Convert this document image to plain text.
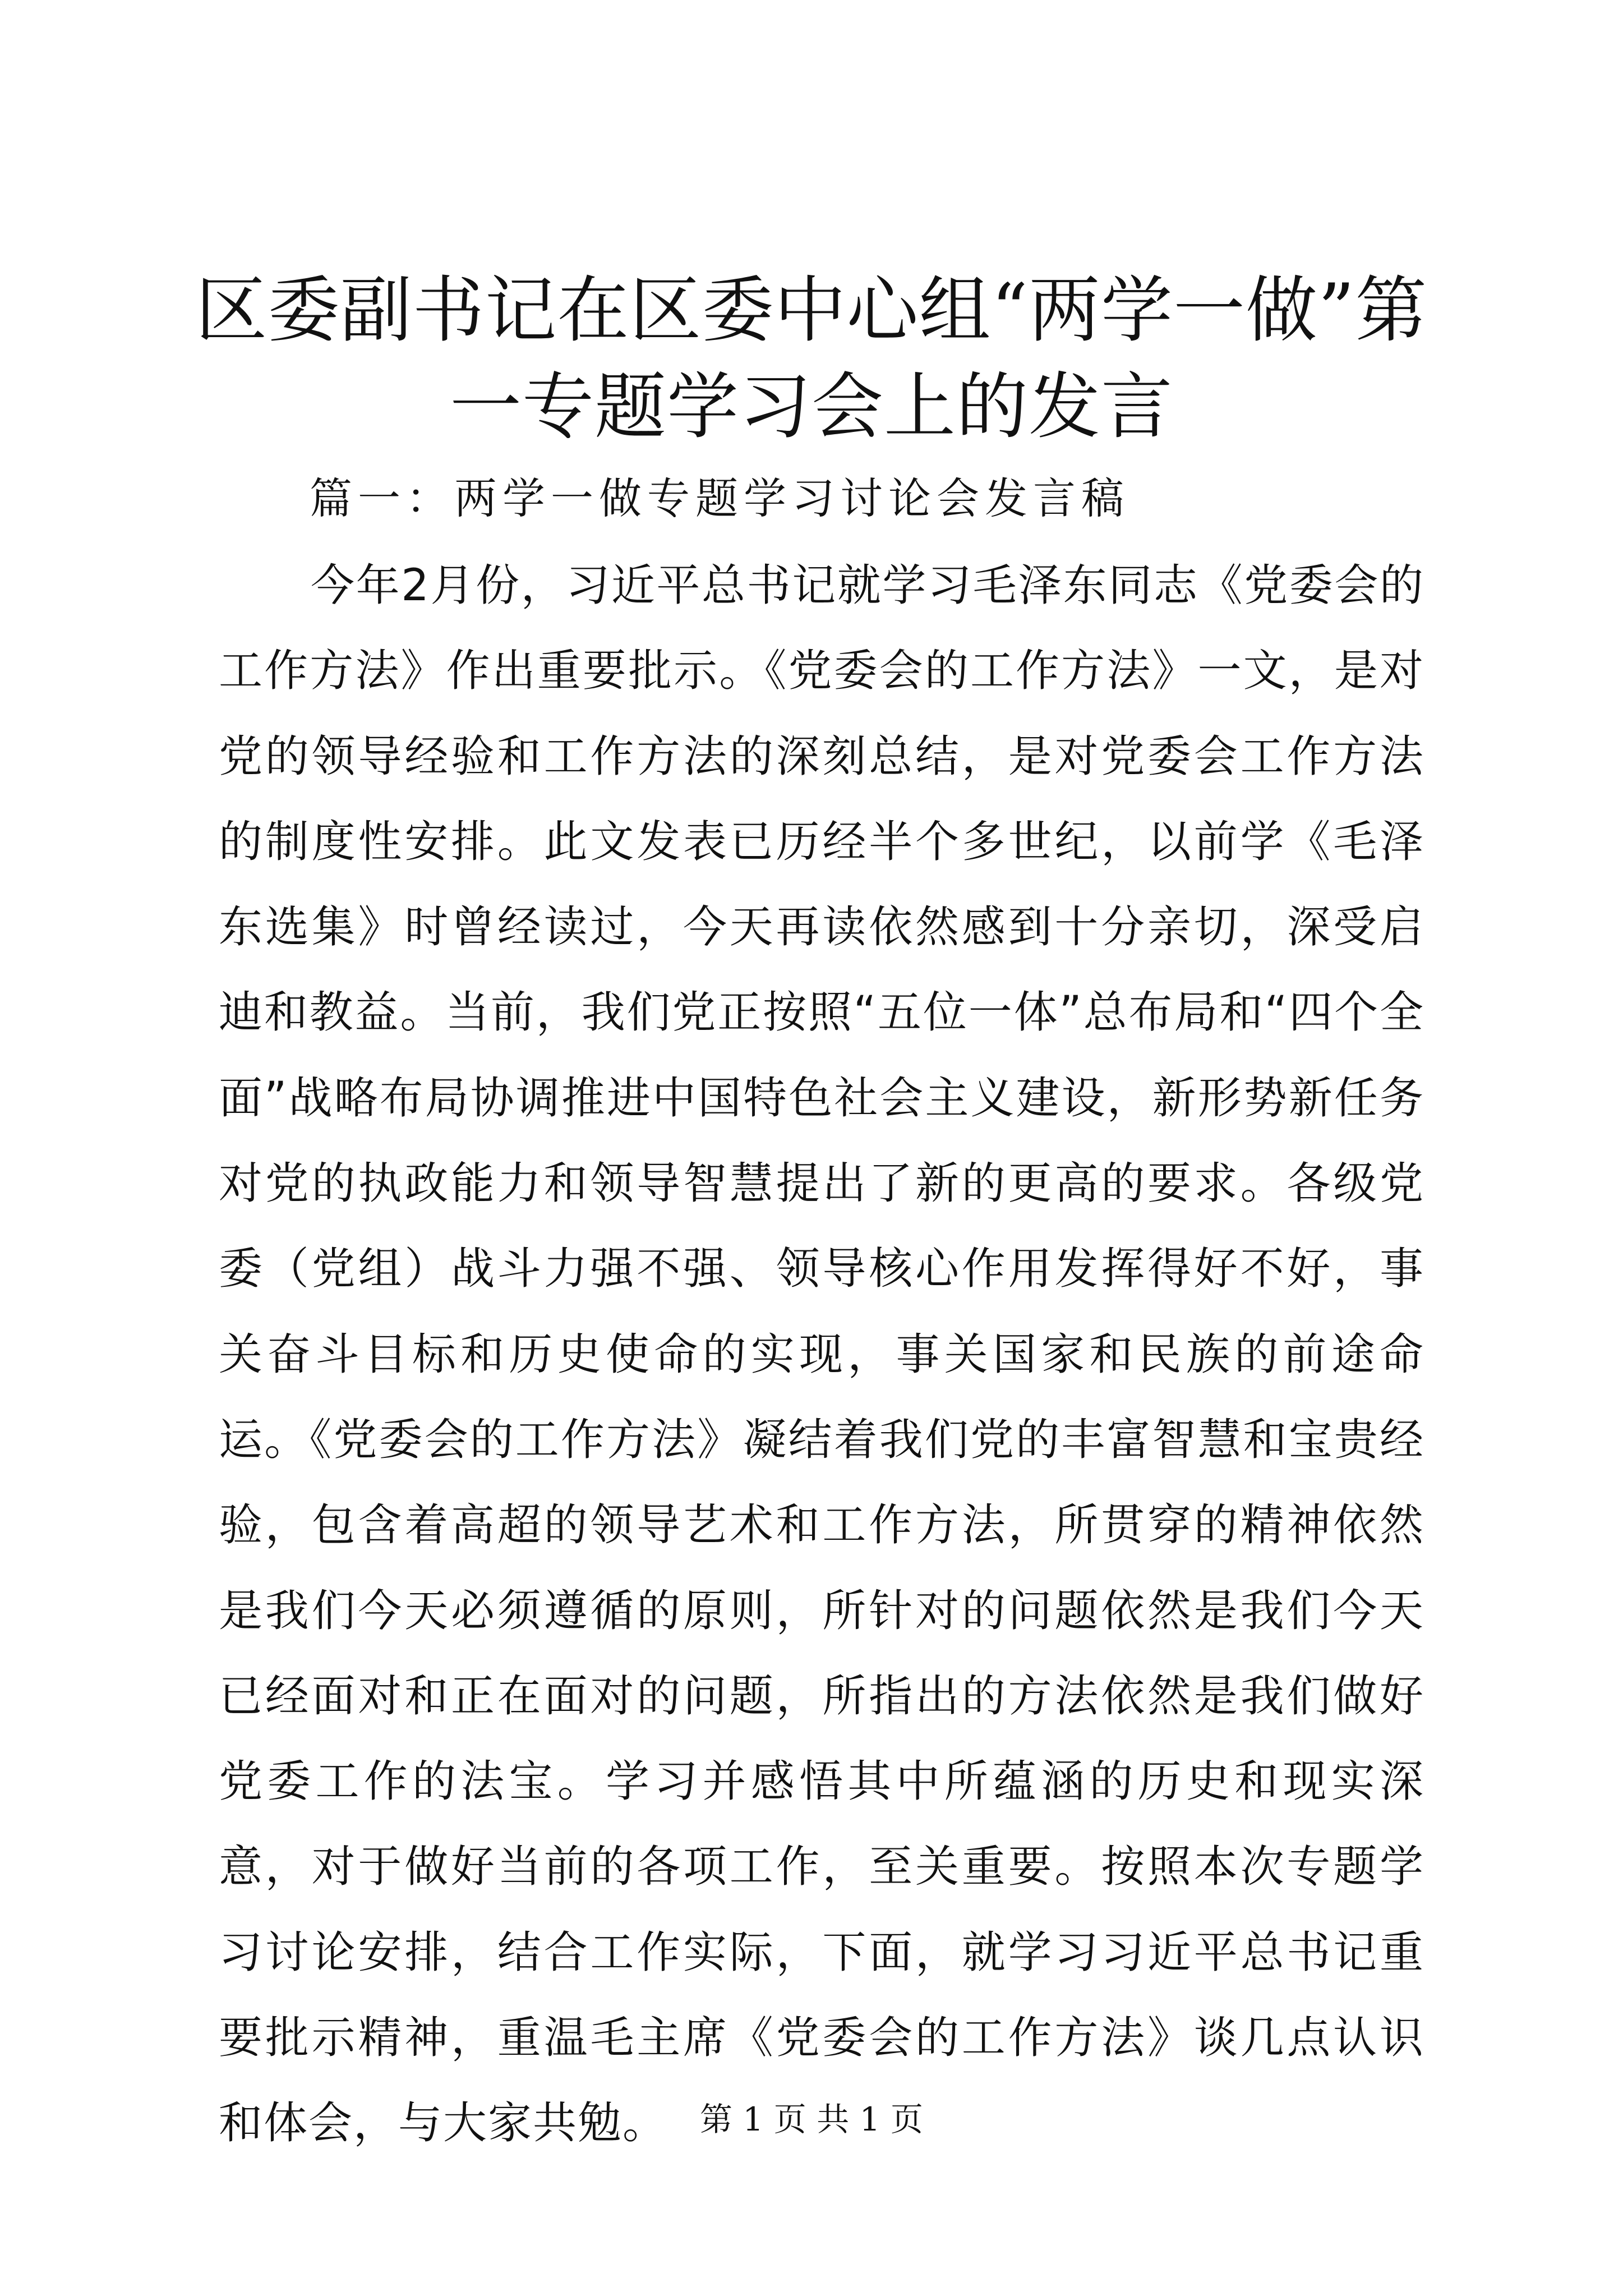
区委副书记在区委中心组“两学一做”第一专题学习会上的发言

篇一：两学一做专题学习讨论会发言稿

今年2月份，习近平总书记就学习毛泽东同志《党委会的工作方法》作出重要批示。《党委会的工作方法》一文，是对党的领导经验和工作方法的深刻总结，是对党委会工作方法的制度性安排。此文发表已历经半个多世纪，以前学《毛泽东选集》时曾经读过，今天再读依然感到十分亲切，深受启迪和教益。当前，我们党正按照“五位一体”总布局和“四个全面”战略布局协调推进中国特色社会主义建设，新形势新任务对党的执政能力和领导智慧提出了新的更高的要求。各级党委（党组）战斗力强不强、领导核心作用发挥得好不好，事关奋斗目标和历史使命的实现，事关国家和民族的前途命运。《党委会的工作方法》凝结着我们党的丰富智慧和宝贵经验，包含着高超的领导艺术和工作方法，所贯穿的精神依然是我们今天必须遵循的原则，所针对的问题依然是我们今天已经面对和正在面对的问题，所指出的方法依然是我们做好党委工作的法宝。学习并感悟其中所蕴涵的历史和现实深意，对于做好当前的各项工作，至关重要。按照本次专题学习讨论安排，结合工作实际，下面，就学习习近平总书记重要批示精神，重温毛主席《党委会的工作方法》谈几点认识和体会，与大家共勉。 第 1 页 共 1 页
